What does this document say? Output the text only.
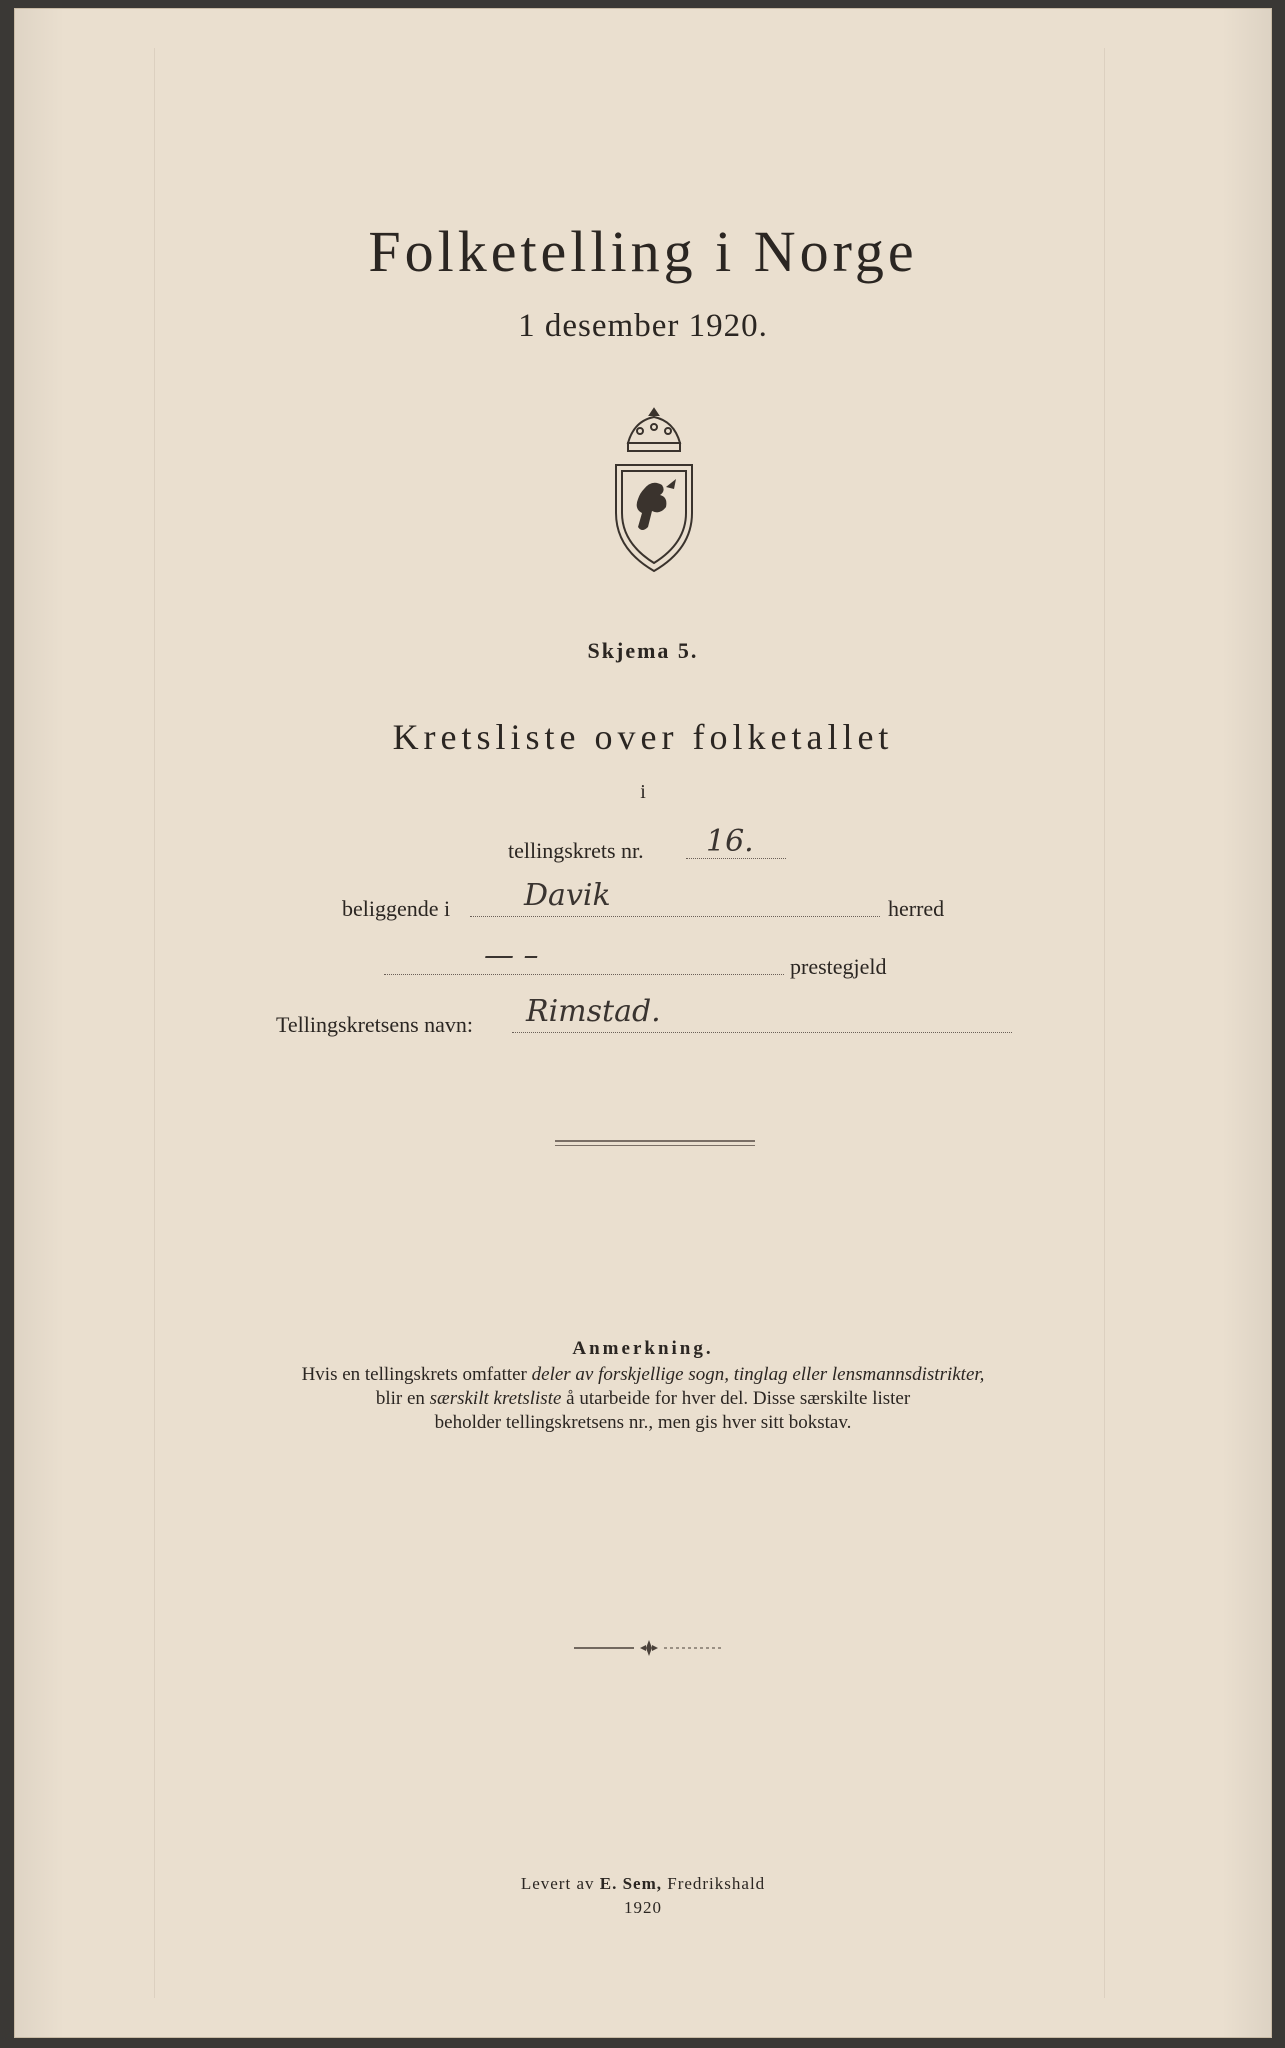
Folketelling i Norge
1 desember 1920.
Skjema 5.
Kretsliste over folketallet
i
tellingskrets nr. 16.
beliggende i Davik	herred
— –	prestegjeld
Tellingskretsens navn: Rimstad.
Anmerkning.
Hvis en tellingskrets omfatter deler av forskjellige sogn, tinglag eller lensmannsdistrikter,
blir en særskilt kretsliste å utarbeide for hver del. Disse særskilte lister
beholder tellingskretsens nr., men gis hver sitt bokstav.
Levert av E. Sem, Fredrikshald
1920
